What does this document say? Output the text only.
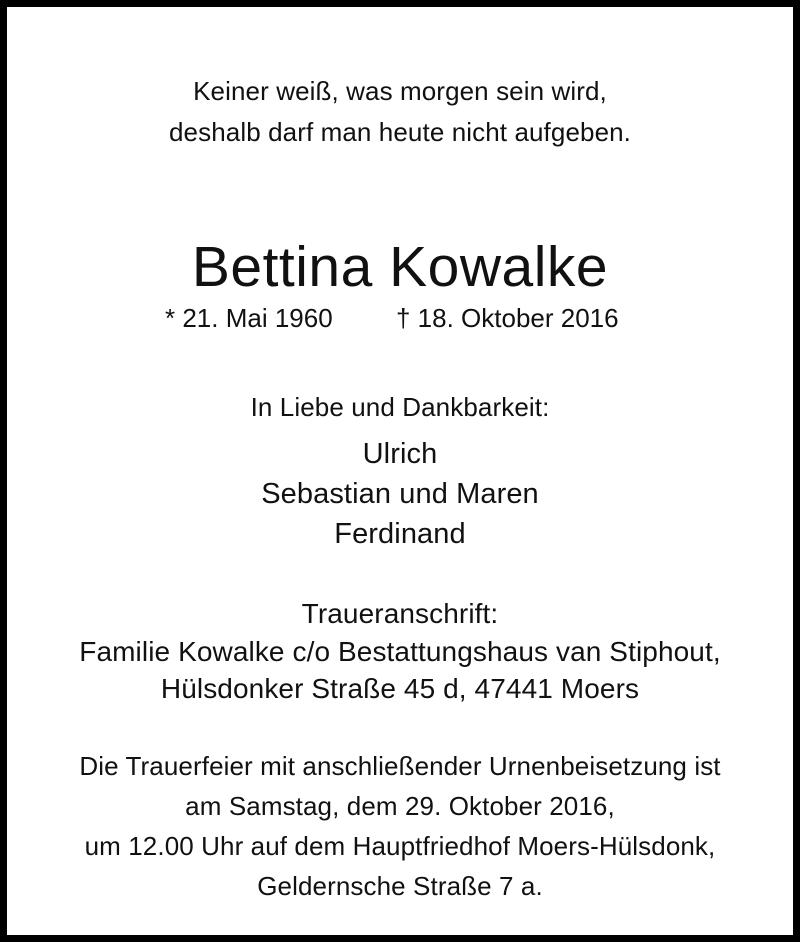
Keiner weiß, was morgen sein wird,
deshalb darf man heute nicht aufgeben.
Bettina Kowalke
* 21. Mai 1960 † 18. Oktober 2016
In Liebe und Dankbarkeit:
Ulrich
Sebastian und Maren
Ferdinand
Traueranschrift:
Familie Kowalke c/o Bestattungshaus van Stiphout,
Hülsdonker Straße 45 d, 47441 Moers
Die Trauerfeier mit anschließender Urnenbeisetzung ist
am Samstag, dem 29. Oktober 2016,
um 12.00 Uhr auf dem Hauptfriedhof Moers-Hülsdonk,
Geldernsche Straße 7 a.
